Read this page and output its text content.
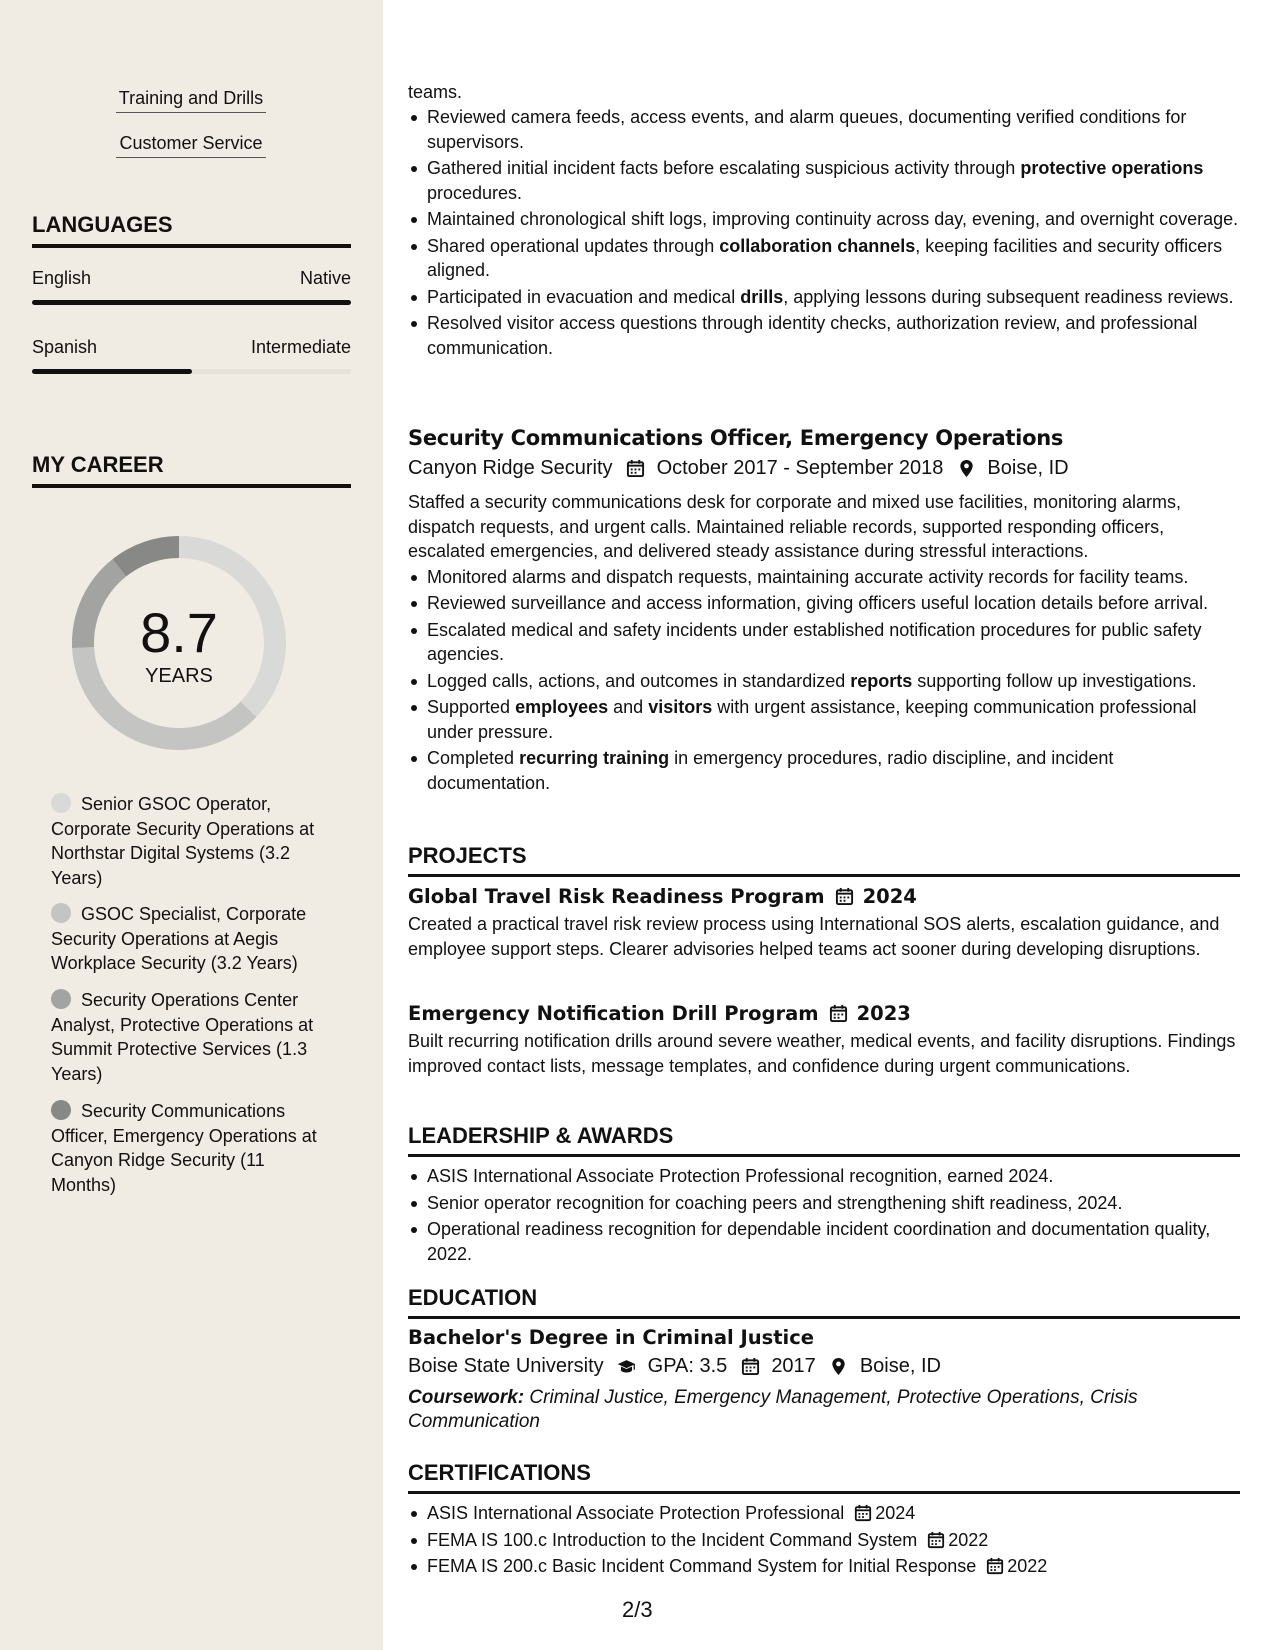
Training and Drills
Customer Service
LANGUAGES
English	Native
Spanish	Intermediate
MY CAREER
8.7
YEARS
Senior GSOC Operator, Corporate Security Operations at Northstar Digital Systems (3.2 Years)
GSOC Specialist, Corporate Security Operations at Aegis Workplace Security (3.2 Years)
Security Operations Center Analyst, Protective Operations at Summit Protective Services (1.3 Years)
Security Communications Officer, Emergency Operations at Canyon Ridge Security (11 Months)
teams.
Reviewed camera feeds, access events, and alarm queues, documenting verified conditions for supervisors.
Gathered initial incident facts before escalating suspicious activity through protective operations procedures.
Maintained chronological shift logs, improving continuity across day, evening, and overnight coverage.
Shared operational updates through collaboration channels, keeping facilities and security officers aligned.
Participated in evacuation and medical drills, applying lessons during subsequent readiness reviews.
Resolved visitor access questions through identity checks, authorization review, and professional communication.
Security Communications Officer, Emergency Operations
Canyon Ridge Security October 2017 - September 2018 Boise, ID
Staffed a security communications desk for corporate and mixed use facilities, monitoring alarms, dispatch requests, and urgent calls. Maintained reliable records, supported responding officers, escalated emergencies, and delivered steady assistance during stressful interactions.
Monitored alarms and dispatch requests, maintaining accurate activity records for facility teams.
Reviewed surveillance and access information, giving officers useful location details before arrival.
Escalated medical and safety incidents under established notification procedures for public safety agencies.
Logged calls, actions, and outcomes in standardized reports supporting follow up investigations.
Supported employees and visitors with urgent assistance, keeping communication professional under pressure.
Completed recurring training in emergency procedures, radio discipline, and incident documentation.
PROJECTS
Global Travel Risk Readiness Program 2024
Created a practical travel risk review process using International SOS alerts, escalation guidance, and employee support steps. Clearer advisories helped teams act sooner during developing disruptions.
Emergency Notification Drill Program 2023
Built recurring notification drills around severe weather, medical events, and facility disruptions. Findings improved contact lists, message templates, and confidence during urgent communications.
LEADERSHIP & AWARDS
ASIS International Associate Protection Professional recognition, earned 2024.
Senior operator recognition for coaching peers and strengthening shift readiness, 2024.
Operational readiness recognition for dependable incident coordination and documentation quality, 2022.
EDUCATION
Bachelor's Degree in Criminal Justice
Boise State University GPA: 3.5 2017 Boise, ID
Coursework: Criminal Justice, Emergency Management, Protective Operations, Crisis Communication
CERTIFICATIONS
ASIS International Associate Protection Professional 2024
FEMA IS 100.c Introduction to the Incident Command System 2022
FEMA IS 200.c Basic Incident Command System for Initial Response 2022
2/3
